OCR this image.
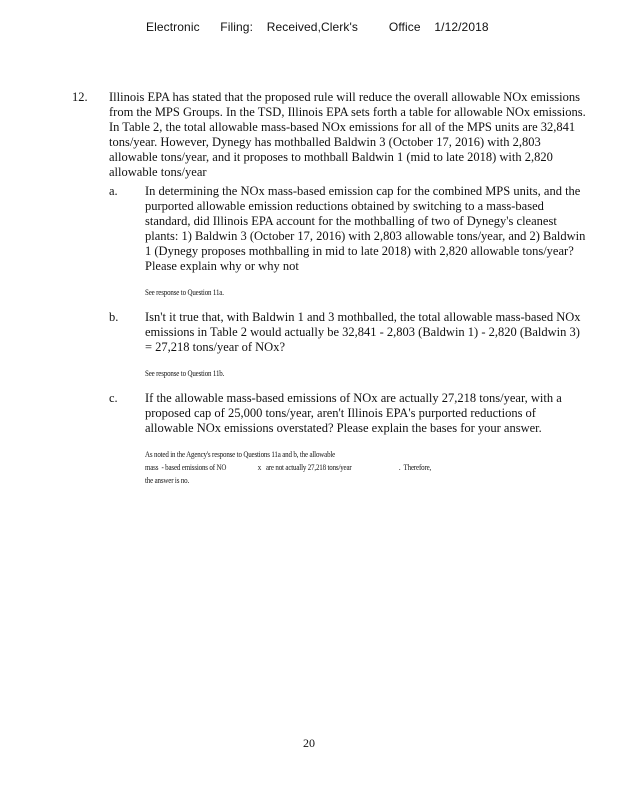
Electronic      Filing:    Received,Clerk's         Office    1/12/2018
12. Illinois EPA has stated that the proposed rule will reduce the overall allowable NOx emissions from the MPS Groups. In the TSD, Illinois EPA sets forth a table for allowable NOx emissions. In Table 2, the total allowable mass-based NOx emissions for all of the MPS units are 32,841 tons/year. However, Dynegy has mothballed Baldwin 3 (October 17, 2016) with 2,803 allowable tons/year, and it proposes to mothball Baldwin 1 (mid to late 2018) with 2,820 allowable tons/year
a. In determining the NOx mass-based emission cap for the combined MPS units, and the purported allowable emission reductions obtained by switching to a mass-based standard, did Illinois EPA account for the mothballing of two of Dynegy's cleanest plants: 1) Baldwin 3 (October 17, 2016) with 2,803 allowable tons/year, and 2) Baldwin 1 (Dynegy proposes mothballing in mid to late 2018) with 2,820 allowable tons/year? Please explain why or why not
See response to Question 11a.
b. Isn't it true that, with Baldwin 1 and 3 mothballed, the total allowable mass-based NOx emissions in Table 2 would actually be 32,841 - 2,803 (Baldwin 1) - 2,820 (Baldwin 3) = 27,218 tons/year of NOx?
See response to Question 11b.
c. If the allowable mass-based emissions of NOx are actually 27,218 tons/year, with a proposed cap of 25,000 tons/year, aren't Illinois EPA's purported reductions of allowable NOx emissions overstated? Please explain the bases for your answer.
As noted in the Agency's response to Questions 11a and b, the allowable
mass  - based emissions of NO                    x   are not actually 27,218 tons/year                              .  Therefore,
the answer is no.
20
